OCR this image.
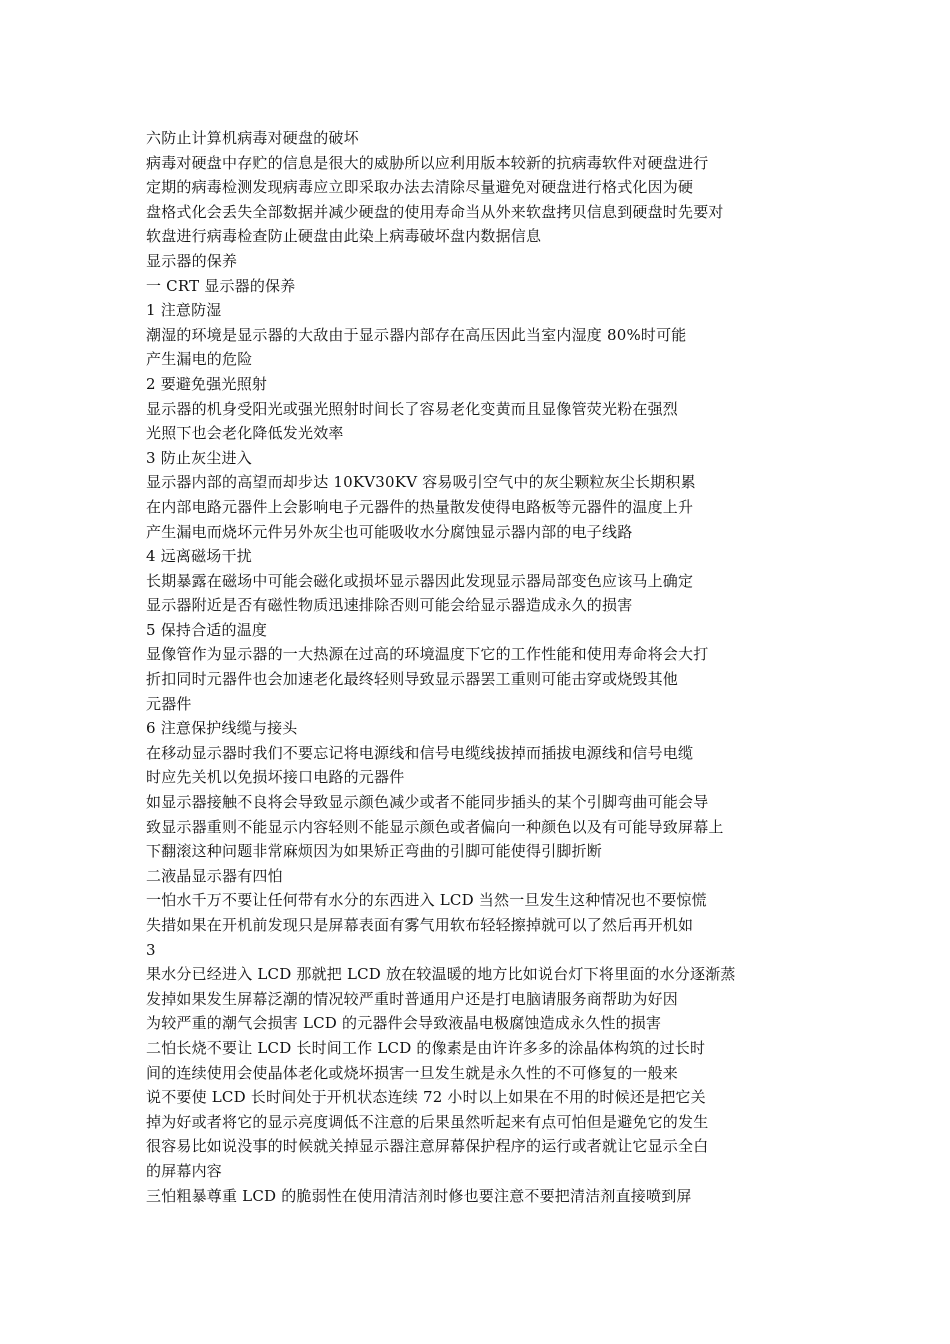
六防止计算机病毒对硬盘的破坏
病毒对硬盘中存贮的信息是很大的威胁所以应利用版本较新的抗病毒软件对硬盘进行
定期的病毒检测发现病毒应立即采取办法去清除尽量避免对硬盘进行格式化因为硬
盘格式化会丢失全部数据并减少硬盘的使用寿命当从外来软盘拷贝信息到硬盘时先要对
软盘进行病毒检查防止硬盘由此染上病毒破坏盘内数据信息
显示器的保养
一 CRT 显示器的保养
1 注意防湿
潮湿的环境是显示器的大敌由于显示器内部存在高压因此当室内湿度 80%时可能
产生漏电的危险
2 要避免强光照射
显示器的机身受阳光或强光照射时间长了容易老化变黄而且显像管荧光粉在强烈
光照下也会老化降低发光效率
3 防止灰尘进入
显示器内部的高望而却步达 10KV30KV 容易吸引空气中的灰尘颗粒灰尘长期积累
在内部电路元器件上会影响电子元器件的热量散发使得电路板等元器件的温度上升
产生漏电而烧坏元件另外灰尘也可能吸收水分腐蚀显示器内部的电子线路
4 远离磁场干扰
长期暴露在磁场中可能会磁化或损坏显示器因此发现显示器局部变色应该马上确定
显示器附近是否有磁性物质迅速排除否则可能会给显示器造成永久的损害
5 保持合适的温度
显像管作为显示器的一大热源在过高的环境温度下它的工作性能和使用寿命将会大打
折扣同时元器件也会加速老化最终轻则导致显示器罢工重则可能击穿或烧毁其他
元器件
6 注意保护线缆与接头
在移动显示器时我们不要忘记将电源线和信号电缆线拔掉而插拔电源线和信号电缆
时应先关机以免损坏接口电路的元器件
如显示器接触不良将会导致显示颜色减少或者不能同步插头的某个引脚弯曲可能会导
致显示器重则不能显示内容轻则不能显示颜色或者偏向一种颜色以及有可能导致屏幕上
下翻滚这种问题非常麻烦因为如果矫正弯曲的引脚可能使得引脚折断
二液晶显示器有四怕
一怕水千万不要让任何带有水分的东西进入 LCD 当然一旦发生这种情况也不要惊慌
失措如果在开机前发现只是屏幕表面有雾气用软布轻轻擦掉就可以了然后再开机如
3
果水分已经进入 LCD 那就把 LCD 放在较温暖的地方比如说台灯下将里面的水分逐渐蒸
发掉如果发生屏幕泛潮的情况较严重时普通用户还是打电脑请服务商帮助为好因
为较严重的潮气会损害 LCD 的元器件会导致液晶电极腐蚀造成永久性的损害
二怕长烧不要让 LCD 长时间工作 LCD 的像素是由许许多多的涂晶体构筑的过长时
间的连续使用会使晶体老化或烧坏损害一旦发生就是永久性的不可修复的一般来
说不要使 LCD 长时间处于开机状态连续 72 小时以上如果在不用的时候还是把它关
掉为好或者将它的显示亮度调低不注意的后果虽然听起来有点可怕但是避免它的发生
很容易比如说没事的时候就关掉显示器注意屏幕保护程序的运行或者就让它显示全白
的屏幕内容
三怕粗暴尊重 LCD 的脆弱性在使用清洁剂时修也要注意不要把清洁剂直接喷到屏
